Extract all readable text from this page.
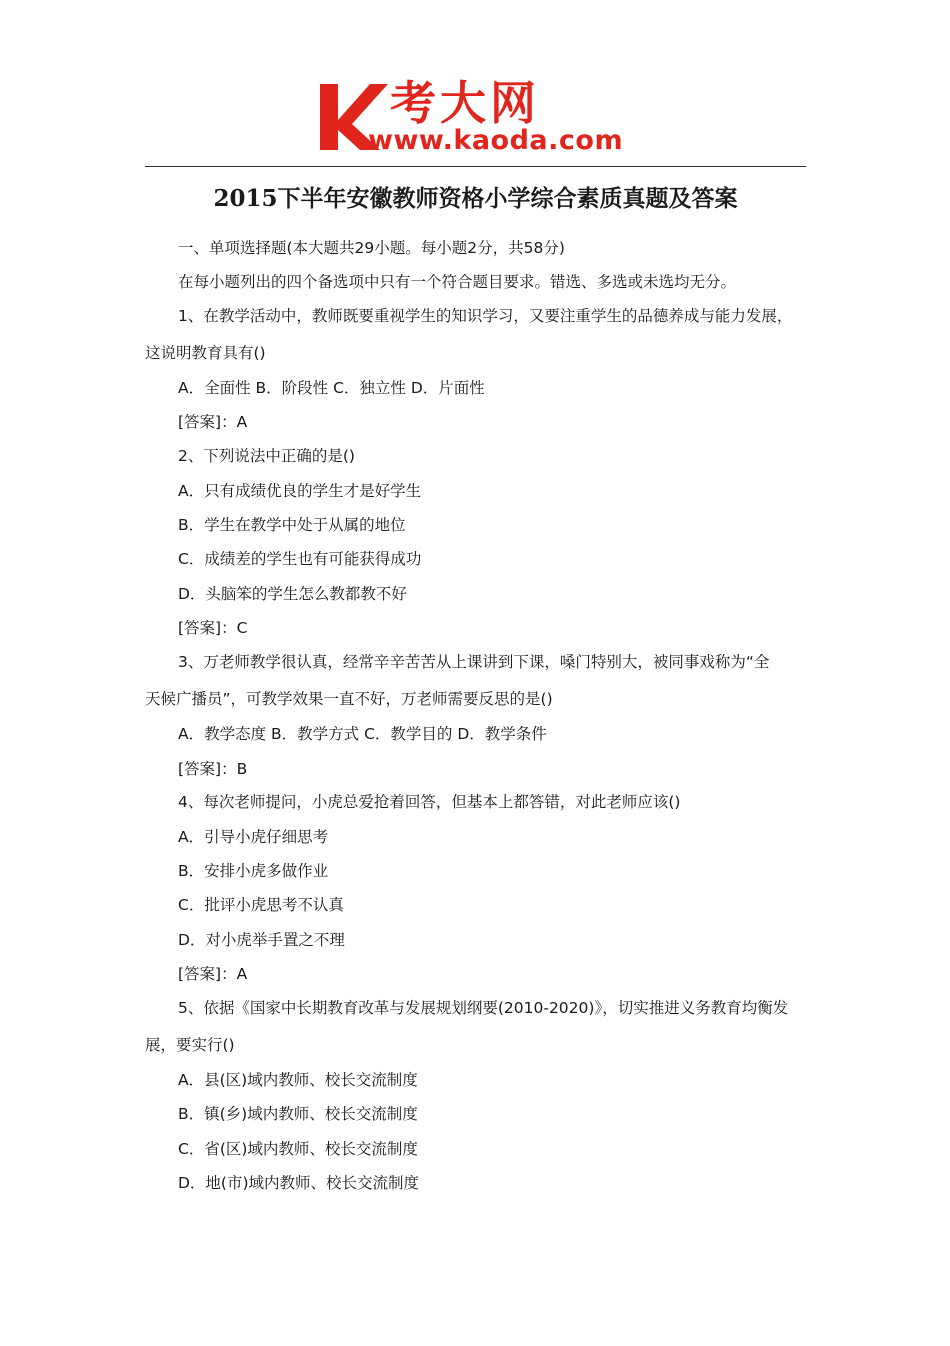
考大网
www.kaoda.com
2015下半年安徽教师资格小学综合素质真题及答案
一、单项选择题(本大题共29小题。每小题2分，共58分)
在每小题列出的四个备选项中只有一个符合题目要求。错选、多选或未选均无分。
1、在教学活动中，教师既要重视学生的知识学习，又要注重学生的品德养成与能力发展，
这说明教育具有()
A．全面性 B．阶段性 C．独立性 D．片面性
[答案]：A
2、下列说法中正确的是()
A．只有成绩优良的学生才是好学生
B．学生在教学中处于从属的地位
C．成绩差的学生也有可能获得成功
D．头脑笨的学生怎么教都教不好
[答案]：C
3、万老师教学很认真，经常辛辛苦苦从上课讲到下课，嗓门特别大，被同事戏称为“全
天候广播员”，可教学效果一直不好，万老师需要反思的是()
A．教学态度 B．教学方式 C．教学目的 D．教学条件
[答案]：B
4、每次老师提问，小虎总爱抢着回答，但基本上都答错，对此老师应该()
A．引导小虎仔细思考
B．安排小虎多做作业
C．批评小虎思考不认真
D．对小虎举手置之不理
[答案]：A
5、依据《国家中长期教育改革与发展规划纲要(2010-2020)》，切实推进义务教育均衡发
展，要实行()
A．县(区)域内教师、校长交流制度
B．镇(乡)域内教师、校长交流制度
C．省(区)域内教师、校长交流制度
D．地(市)域内教师、校长交流制度
